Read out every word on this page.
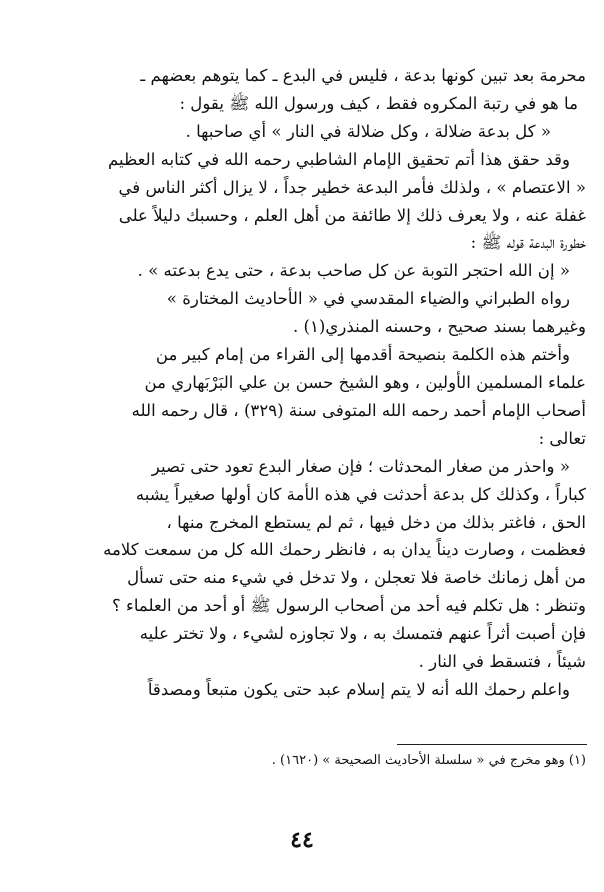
محرمة بعد تبين كونها بدعة ، فليس في البدع ـ كما يتوهم بعضهم ـ
ما هو في رتبة المكروه فقط ، كيف ورسول الله ﷺ يقول :
« كل بدعة ضلالة ، وكل ضلالة في النار » أي صاحبها .
وقد حقق هذا أتم تحقيق الإمام الشاطبي رحمه الله في كتابه العظيم
« الاعتصام » ، ولذلك فأمر البدعة خطير جداً ، لا يزال أكثر الناس في
غفلة عنه ، ولا يعرف ذلك إلا طائفة من أهل العلم ، وحسبك دليلاً على
خطورة البدعة قوله ﷺ :
« إن الله احتجر التوبة عن كل صاحب بدعة ، حتى يدع بدعته » .
رواه الطبراني والضياء المقدسي في « الأحاديث المختارة »
وغيرهما بسند صحيح ، وحسنه المنذري(١) .
وأختم هذه الكلمة بنصيحة أقدمها إلى القراء من إمام كبير من
علماء المسلمين الأولين ، وهو الشيخ حسن بن علي البَرْبَهاري من
أصحاب الإمام أحمد رحمه الله المتوفى سنة (٣٢٩) ، قال رحمه الله
تعالى :
« واحذر من صغار المحدثات ؛ فإن صغار البدع تعود حتى تصير
كباراً ، وكذلك كل بدعة أحدثت في هذه الأمة كان أولها صغيراً يشبه
الحق ، فاغتر بذلك من دخل فيها ، ثم لم يستطع المخرج منها ،
فعظمت ، وصارت ديناً يدان به ، فانظر رحمك الله كل من سمعت كلامه
من أهل زمانك خاصة فلا تعجلن ، ولا تدخل في شيء منه حتى تسأل
وتنظر : هل تكلم فيه أحد من أصحاب الرسول ﷺ أو أحد من العلماء ؟
فإن أصبت أثراً عنهم فتمسك به ، ولا تجاوزه لشيء ، ولا تختر عليه
شيئاً ، فتسقط في النار .
واعلم رحمك الله أنه لا يتم إسلام عبد حتى يكون متبعاً ومصدقاً
(١) وهو مخرج في « سلسلة الأحاديث الصحيحة » (١٦٢٠) .
٤٤
